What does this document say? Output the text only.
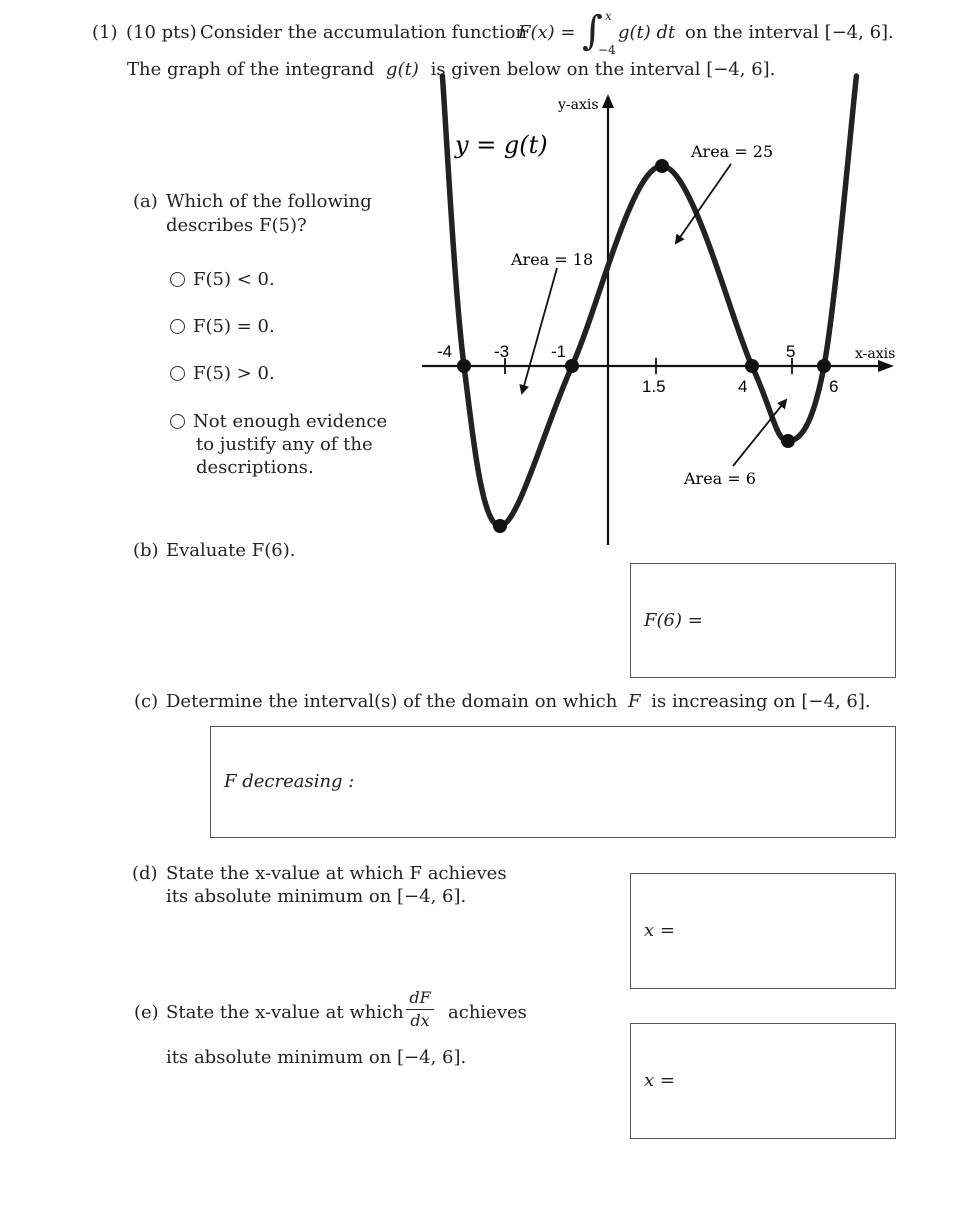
(1) (10 pts) Consider the accumulation function
F(x) = ∫ x
−4
g(t) dt on the interval [−4, 6].
The graph of the integrand g(t) is given below on the interval [−4, 6].
y-axis
x-axis
y = g(t)
Area = 18
Area = 25
Area = 6
-4 -3 -1
1.5	4
5
6
(a) Which of the following
describes F(5)?
F(5) < 0.
F(5) = 0.
F(5) > 0.
Not enough evidence
to justify any of the
descriptions.
(b) Evaluate F(6).
F(6) =
(c) Determine the interval(s) of the domain on which F is increasing on [−4, 6].
F decreasing :
(d) State the x-value at which F achieves
its absolute minimum on [−4, 6].
x =
(e) State the x-value at which
dF
dx	achieves
its absolute minimum on [−4, 6].
x =
